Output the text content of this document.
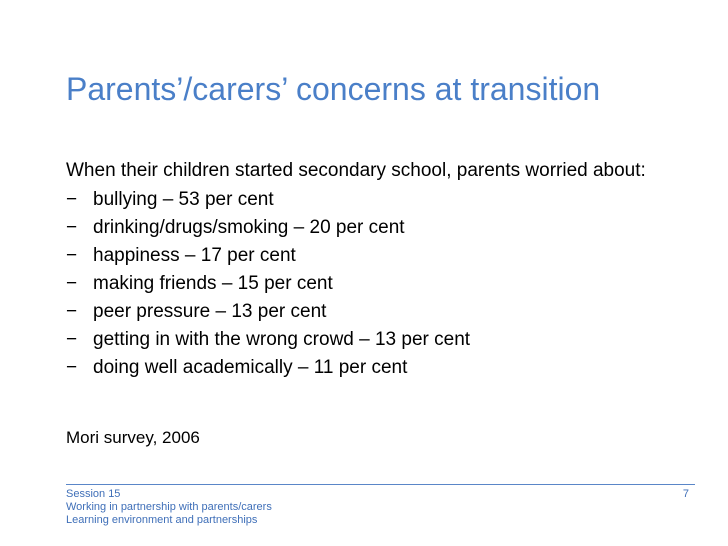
Parents’/carers’ concerns at transition

When their children started secondary school, parents worried about:

− bullying – 53 per cent
− drinking/drugs/smoking – 20 per cent
− happiness – 17 per cent
− making friends – 15 per cent
− peer pressure – 13 per cent
− getting in with the wrong crowd – 13 per cent
− doing well academically – 11 per cent
Mori survey, 2006
Session 15
Working in partnership with parents/carers
Learning environment and partnerships
7
